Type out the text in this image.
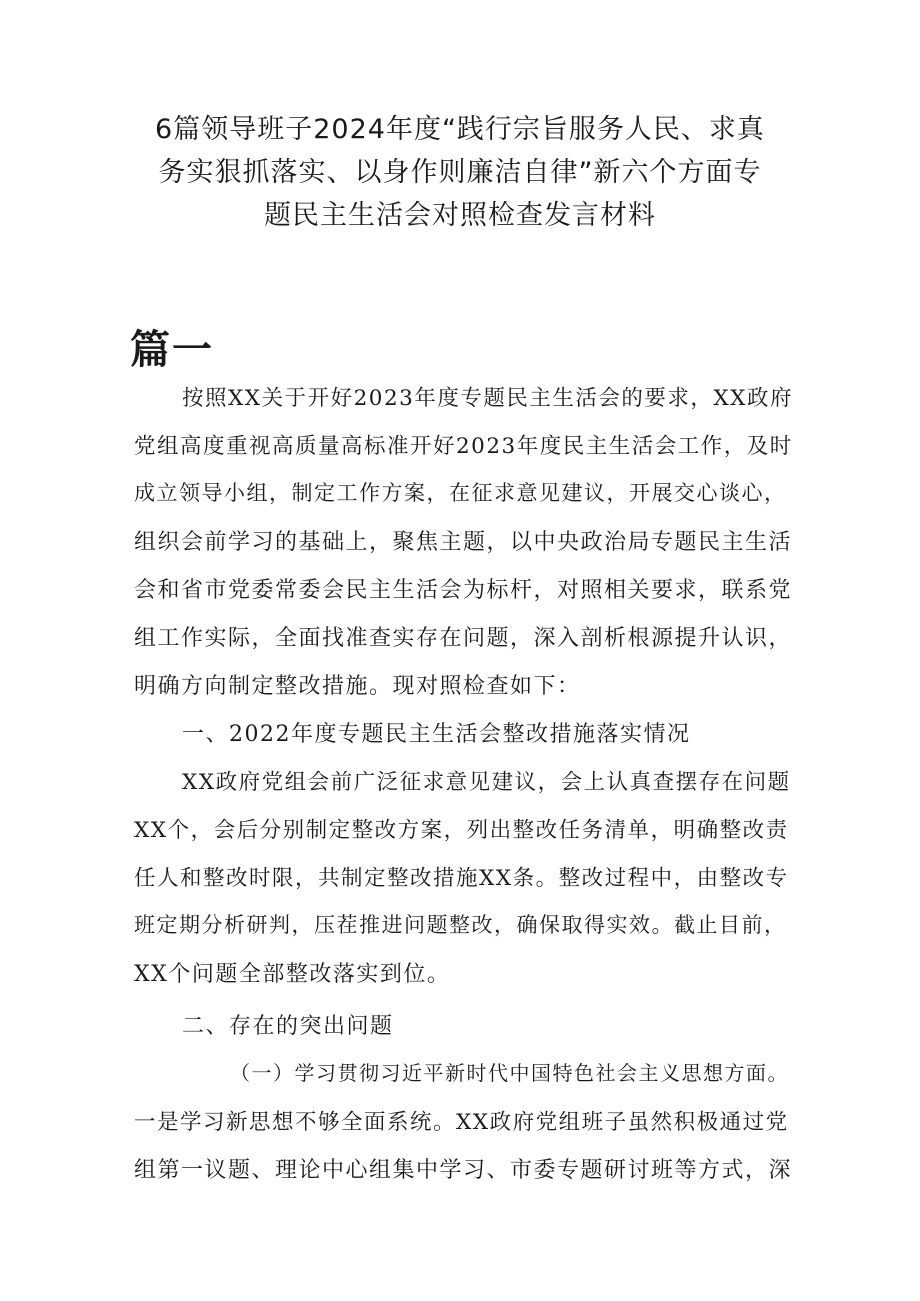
6篇领导班子2024年度“践行宗旨服务人民、求真
务实狠抓落实、以身作则廉洁自律”新六个方面专
题民主生活会对照检查发言材料
篇一

按照XX关于开好2023年度专题民主生活会的要求，XX政府

党组高度重视高质量高标准开好2023年度民主生活会工作，及时

成立领导小组，制定工作方案，在征求意见建议，开展交心谈心，

组织会前学习的基础上，聚焦主题，以中央政治局专题民主生活

会和省市党委常委会民主生活会为标杆，对照相关要求，联系党

组工作实际，全面找准查实存在问题，深入剖析根源提升认识，

明确方向制定整改措施。现对照检查如下：

一、2022年度专题民主生活会整改措施落实情况

XX政府党组会前广泛征求意见建议，会上认真查摆存在问题

XX个，会后分别制定整改方案，列出整改任务清单，明确整改责

任人和整改时限，共制定整改措施XX条。整改过程中，由整改专

班定期分析研判，压茬推进问题整改，确保取得实效。截止目前，

XX个问题全部整改落实到位。

二、存在的突出问题

（一）学习贯彻习近平新时代中国特色社会主义思想方面。

一是学习新思想不够全面系统。XX政府党组班子虽然积极通过党

组第一议题、理论中心组集中学习、市委专题研讨班等方式，深
